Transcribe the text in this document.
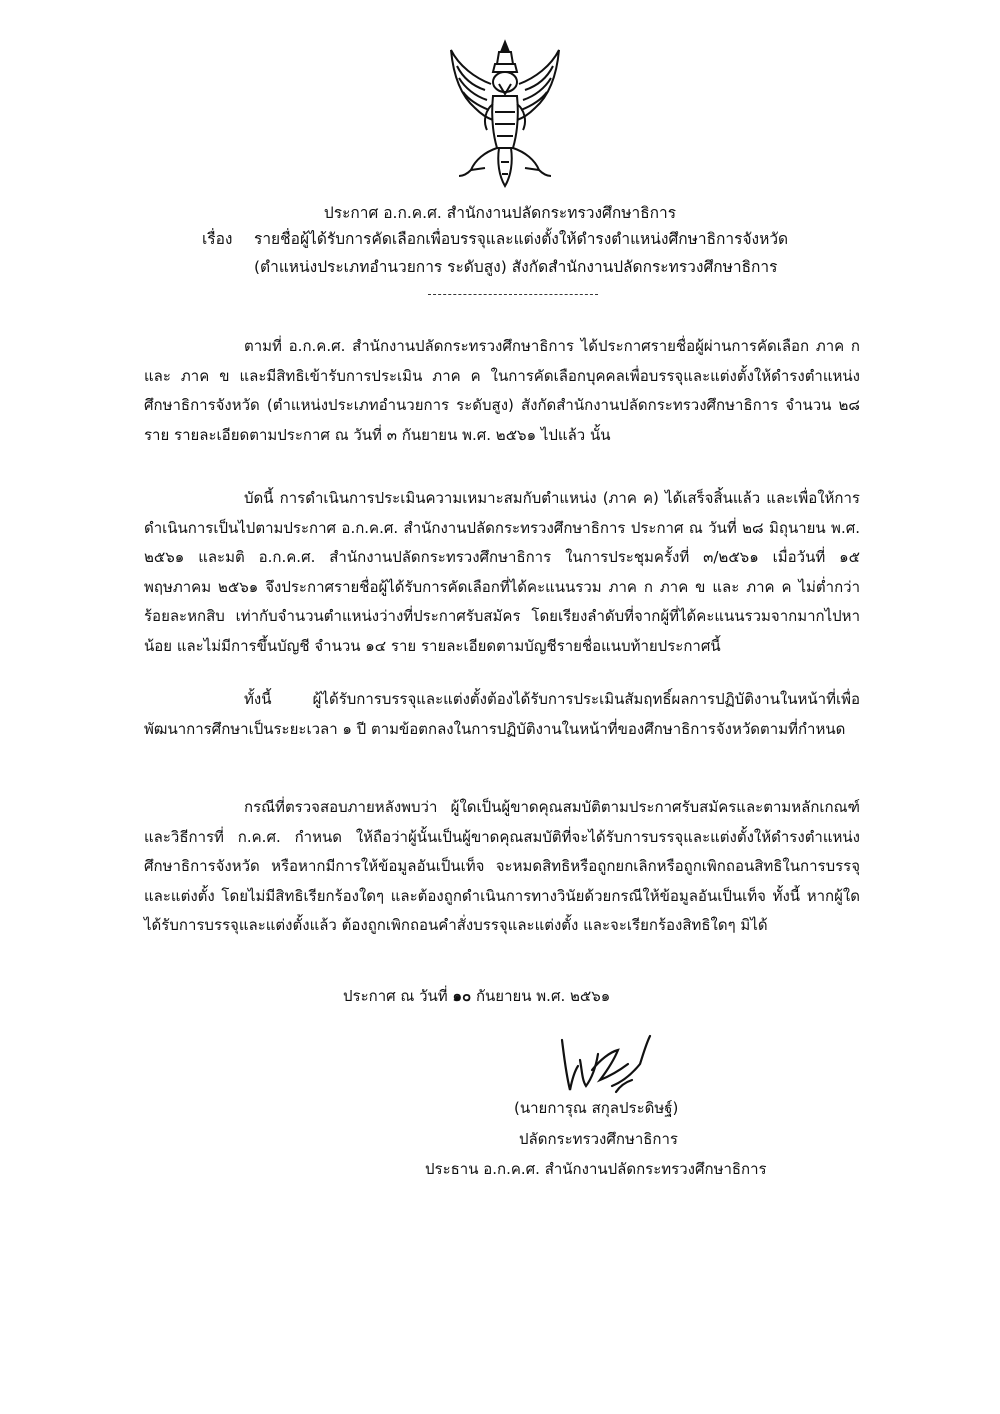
ประกาศ อ.ก.ค.ศ. สำนักงานปลัดกระทรวงศึกษาธิการ
เรื่อง รายชื่อผู้ได้รับการคัดเลือกเพื่อบรรจุและแต่งตั้งให้ดำรงตำแหน่งศึกษาธิการจังหวัด
(ตำแหน่งประเภทอำนวยการ ระดับสูง) สังกัดสำนักงานปลัดกระทรวงศึกษาธิการ
ตามที่ อ.ก.ค.ศ. สำนักงานปลัดกระทรวงศึกษาธิการ ได้ประกาศรายชื่อผู้ผ่านการคัดเลือก ภาค ก และ ภาค ข และมีสิทธิเข้ารับการประเมิน ภาค ค ในการคัดเลือกบุคคลเพื่อบรรจุและแต่งตั้งให้ดำรงตำแหน่งศึกษาธิการจังหวัด (ตำแหน่งประเภทอำนวยการ ระดับสูง) สังกัดสำนักงานปลัดกระทรวงศึกษาธิการ จำนวน ๒๘ ราย รายละเอียดตามประกาศ ณ วันที่ ๓ กันยายน พ.ศ. ๒๕๖๑ ไปแล้ว นั้น
บัดนี้ การดำเนินการประเมินความเหมาะสมกับตำแหน่ง (ภาค ค) ได้เสร็จสิ้นแล้ว และเพื่อให้การดำเนินการเป็นไปตามประกาศ อ.ก.ค.ศ. สำนักงานปลัดกระทรวงศึกษาธิการ ประกาศ ณ วันที่ ๒๘ มิถุนายน พ.ศ. ๒๕๖๑ และมติ อ.ก.ค.ศ. สำนักงานปลัดกระทรวงศึกษาธิการ ในการประชุมครั้งที่ ๓/๒๕๖๑ เมื่อวันที่ ๑๕ พฤษภาคม ๒๕๖๑ จึงประกาศรายชื่อผู้ได้รับการคัดเลือกที่ได้คะแนนรวม ภาค ก ภาค ข และ ภาค ค ไม่ต่ำกว่าร้อยละหกสิบ เท่ากับจำนวนตำแหน่งว่างที่ประกาศรับสมัคร โดยเรียงลำดับที่จากผู้ที่ได้คะแนนรวมจากมากไปหาน้อย และไม่มีการขึ้นบัญชี จำนวน ๑๔ ราย รายละเอียดตามบัญชีรายชื่อแนบท้ายประกาศนี้
ทั้งนี้ ผู้ได้รับการบรรจุและแต่งตั้งต้องได้รับการประเมินสัมฤทธิ์ผลการปฏิบัติงานในหน้าที่เพื่อพัฒนาการศึกษาเป็นระยะเวลา ๑ ปี ตามข้อตกลงในการปฏิบัติงานในหน้าที่ของศึกษาธิการจังหวัดตามที่กำหนด
กรณีที่ตรวจสอบภายหลังพบว่า ผู้ใดเป็นผู้ขาดคุณสมบัติตามประกาศรับสมัครและตามหลักเกณฑ์และวิธีการที่ ก.ค.ศ. กำหนด ให้ถือว่าผู้นั้นเป็นผู้ขาดคุณสมบัติที่จะได้รับการบรรจุและแต่งตั้งให้ดำรงตำแหน่งศึกษาธิการจังหวัด หรือหากมีการให้ข้อมูลอันเป็นเท็จ จะหมดสิทธิหรือถูกยกเลิกหรือถูกเพิกถอนสิทธิในการบรรจุและแต่งตั้ง โดยไม่มีสิทธิเรียกร้องใดๆ และต้องถูกดำเนินการทางวินัยด้วยกรณีให้ข้อมูลอันเป็นเท็จ ทั้งนี้ หากผู้ใดได้รับการบรรจุและแต่งตั้งแล้ว ต้องถูกเพิกถอนคำสั่งบรรจุและแต่งตั้ง และจะเรียกร้องสิทธิใดๆ มิได้
ประกาศ ณ วันที่ ๑๐ กันยายน พ.ศ. ๒๕๖๑
(นายการุณ สกุลประดิษฐ์)
ปลัดกระทรวงศึกษาธิการ
ประธาน อ.ก.ค.ศ. สำนักงานปลัดกระทรวงศึกษาธิการ
